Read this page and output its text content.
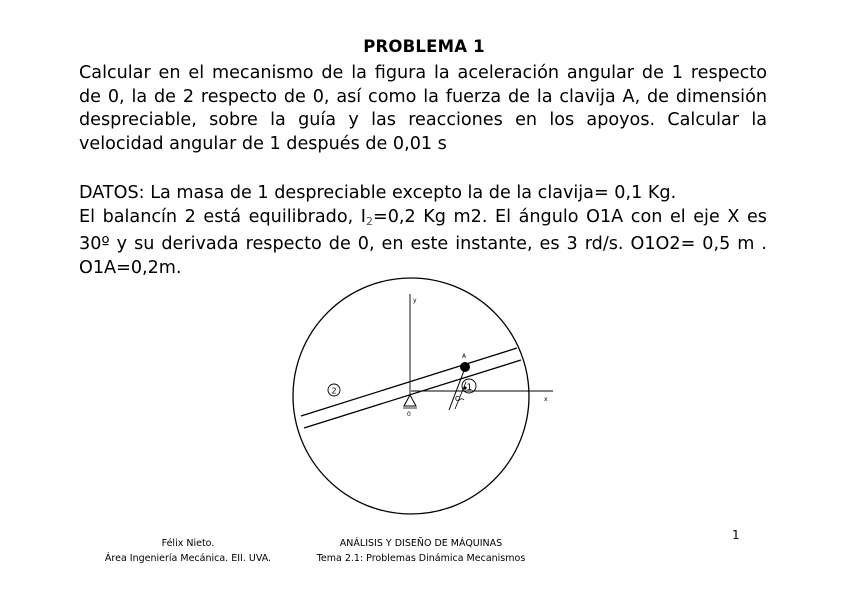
PROBLEMA 1
Calcular en el mecanismo de la figura la aceleración angular de 1 respecto
de 0, la de 2 respecto de 0, así como la fuerza de la clavija A, de dimensión
despreciable, sobre la guía y las reacciones en los apoyos. Calcular la
velocidad angular de 1 después de 0,01 s
DATOS: La masa de 1 despreciable excepto la de la clavija= 0,1 Kg.
El balancín 2 está equilibrado, $I_2=0,2$ Kg m2. El ángulo O1A con el eje X es
30º y su derivada respecto de 0, en este instante, es 3 rd/s. O1O2= 0,5 m .
O1A=0,2m.
1
2
C
y
x
A
0
Félix Nieto.
Área Ingeniería Mecánica. EII. UVA.
ANÁLISIS Y DISEÑO DE MÁQUINAS
Tema 2.1: Problemas Dinámica Mecanismos
1
